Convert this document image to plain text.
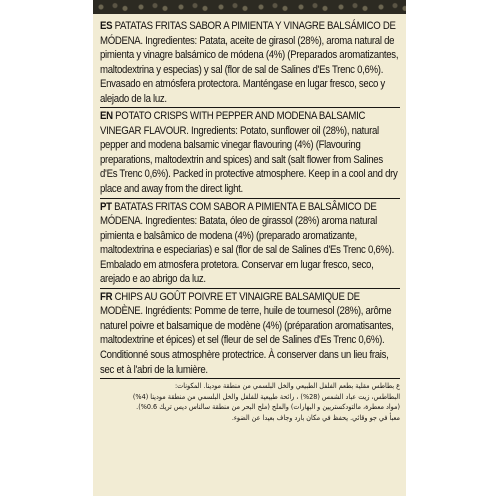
ES PATATAS FRITAS SABOR A PIMIENTA Y VINAGRE BALSÁMICO DE MÓDENA. Ingredientes: Patata, aceite de girasol (28%), aroma natural de pimienta y vinagre balsámico de módena (4%) (Preparados aromatizantes, maltodextrina y especias) y sal (flor de sal de Salines d'Es Trenc 0,6%). Envasado en atmósfera protectora. Manténgase en lugar fresco, seco y alejado de la luz.

EN POTATO CRISPS WITH PEPPER AND MODENA BALSAMIC VINEGAR FLAVOUR. Ingredients: Potato, sunflower oil (28%), natural pepper and modena balsamic vinegar flavouring (4%) (Flavouring preparations, maltodextrin and spices) and salt (salt flower from Salines d'Es Trenc 0,6%). Packed in protective atmosphere. Keep in a cool and dry place and away from the direct light.

PT BATATAS FRITAS COM SABOR A PIMIENTA E BALSÂMICO DE MÓDENA. Ingredientes: Batata, óleo de girassol (28%) aroma natural pimienta e balsâmico de modena (4%) (preparado aromatizante, maltodextrina e especiarias) e sal (flor de sal de Salines d'Es Trenc 0,6%). Embalado em atmosfera protetora. Conservar em lugar fresco, seco, arejado e ao abrigo da luz.

FR CHIPS AU GOÛT POIVRE ET VINAIGRE BALSAMIQUE DE MODÈNE. Ingrédients: Pomme de terre, huile de tournesol (28%), arôme naturel poivre et balsamique de modène (4%) (préparation aromatisantes, maltodextrine et épices) et sel (fleur de sel de Salines d'Es Trenc 0,6%). Conditionné sous atmosphère protectrice. À conserver dans un lieu frais, sec et à l'abri de la lumière.

ع بطاطس مقلية بطعم الفلفل الطبيعي والخل البلسمي من منطقة مودينا. المكونات:
البطاطس، زيت عباد الشمس (28%) ، رائحة طبيعية للفلفل والخل البلسمي من منطقة مودينا (4%)
(مواد معطرة، مالتودكستريين و البهارات) والملح (ملح البحر من منطقة سالناس ديس تريك 0.6%).
معبأ في جو وقائي. يحفظ في مكان بارد وجاف بعيدا عن الضوء.
